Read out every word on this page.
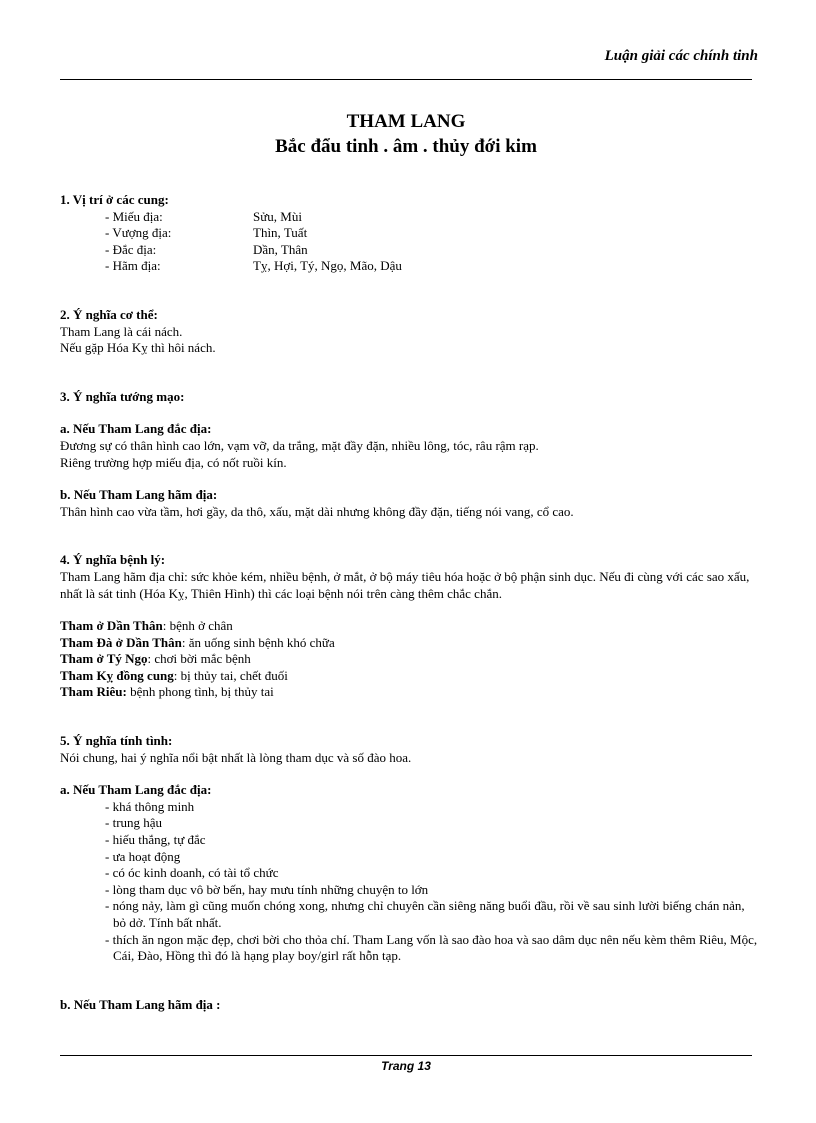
Luận giải các chính tinh
THAM LANG
Bắc đẩu tinh . âm . thủy đới kim
1. Vị trí ở các cung:
- Miếu địa:	Sửu, Mùi
- Vượng địa:	Thìn, Tuất
- Đắc địa:	Dần, Thân
- Hãm địa:	Tỵ, Hợi, Tý, Ngọ, Mão, Dậu
2. Ý nghĩa cơ thể:

Tham Lang là cái nách.

Nếu gặp Hóa Kỵ thì hôi nách.

3. Ý nghĩa tướng mạo:
a. Nếu Tham Lang đắc địa:

Đương sự có thân hình cao lớn, vạm vỡ, da trắng, mặt đầy đặn, nhiều lông, tóc, râu rậm rạp.

Riêng trường hợp miếu địa, có nốt ruồi kín.

b. Nếu Tham Lang hãm địa:

Thân hình cao vừa tầm, hơi gầy, da thô, xấu, mặt dài nhưng không đầy đặn, tiếng nói vang, cổ cao.

4. Ý nghĩa bệnh lý:

Tham Lang hãm địa chỉ: sức khỏe kém, nhiều bệnh, ở mắt, ở bộ máy tiêu hóa hoặc ở bộ phận sinh dục. Nếu đi cùng với các sao xấu, nhất là sát tinh (Hóa Kỵ, Thiên Hình) thì các loại bệnh nói trên càng thêm chắc chắn.

Tham ở Dần Thân: bệnh ở chân
Tham Đà ở Dần Thân: ăn uống sinh bệnh khó chữa
Tham ở Tý Ngọ: chơi bời mắc bệnh
Tham Kỵ đồng cung: bị thủy tai, chết đuối
Tham Riêu: bệnh phong tình, bị thủy tai
5. Ý nghĩa tính tình:

Nói chung, hai ý nghĩa nổi bật nhất là lòng tham dục và số đào hoa.

a. Nếu Tham Lang đắc địa:
- khá thông minh
- trung hậu
- hiếu thắng, tự đắc
- ưa hoạt động
- có óc kinh doanh, có tài tổ chức
- lòng tham dục vô bờ bến, hay mưu tính những chuyện to lớn
- nóng nảy, làm gì cũng muốn chóng xong, nhưng chỉ chuyên cần siêng năng buổi đầu, rồi về sau sinh lười biếng chán nản, bỏ dở. Tính bất nhất.
- thích ăn ngon mặc đẹp, chơi bời cho thỏa chí. Tham Lang vốn là sao đào hoa và sao dâm dục nên nếu kèm thêm Riêu, Mộc, Cái, Đào, Hồng thì đó là hạng play boy/girl rất hỗn tạp.
b. Nếu Tham Lang hãm địa :
Trang 13
